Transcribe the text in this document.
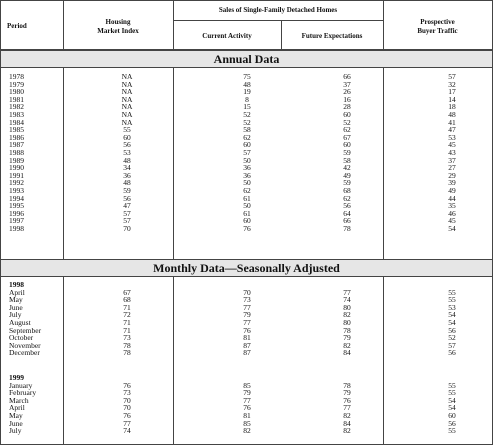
Period	Housing
Market Index
Sales of Single-Family Detached Homes
Current Activity	Future Expectations
Prospective
Buyer Traffic
Annual Data
1978	NA	75	66	57
1979	NA	48	37	32
1980	NA	19	26	17
1981	NA	8	16	14
1982	NA	15	28	18
1983	NA	52	60	48
1984	NA	52	52	41
1985	55	58	62	47
1986	60	62	67	53
1987	56	60	60	45
1988	53	57	59	43
1989	48	50	58	37
1990	34	36	42	27
1991	36	36	49	29
1992	48	50	59	39
1993	59	62	68	49
1994	56	61	62	44
1995	47	50	56	35
1996	57	61	64	46
1997	57	60	66	45
1998	70	76	78	54
Monthly Data—Seasonally Adjusted
1998
April	67	70	77	55
May	68	73	74	55
June	71	77	80	53
July	72	79	82	54
August	71	77	80	54
September	71	76	78	56
October	73	81	79	52
November	78	87	82	57
December	78	87	84	56
1999
January	76	85	78	55
February	73	79	79	55
March	70	77	76	54
April	70	76	77	54
May	76	81	82	60
June	77	85	84	56
July	74	82	82	55
